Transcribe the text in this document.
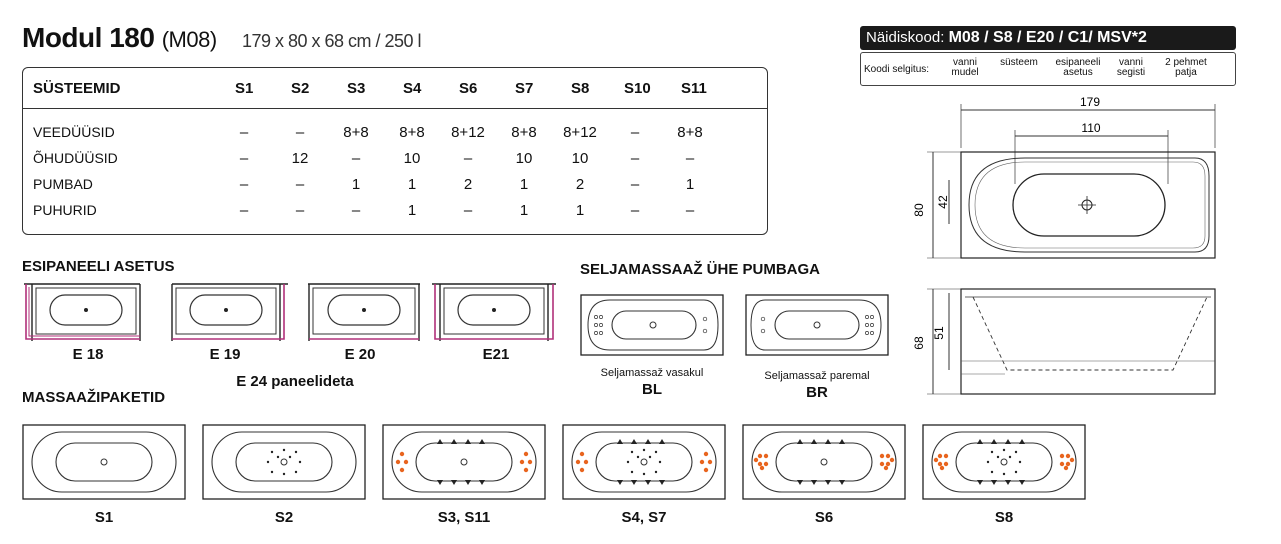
Modul 180 (M08) 179 x 80 x 68 cm / 250 l
SÜSTEEMID	S1	S2	S3	S4	S6	S7	S8 S10 S11
VEEDÜÜSID	–	–	8+8	8+8	8+12	8+8	8+12	–	8+8
ÕHUDÜÜSID	–	12	–	10	–	10	10	–	–
PUMBAD	–	–	1	1	2	1	2	–	1
PUHURID	–	–	–	1	–	1	1	–	–
Näidiskood: M08 / S8 / E20 / C1/ MSV*2
Koodi selgitus:
vanni
mudel
süsteem	esipaneeli
asetus
vanni
segisti
2 pehmet
patja
179
110
80
42
68
51
ESIPANEELI ASETUS
E 18	E 19	E 20	E21
E 24 paneelideta
SELJAMASSAAŽ ÜHE PUMBAGA
Seljamassaž vasakul
BL
Seljamassaž paremal
BR
MASSAAŽIPAKETID
S1	S2	S3, S11	S4, S7	S6	S8
